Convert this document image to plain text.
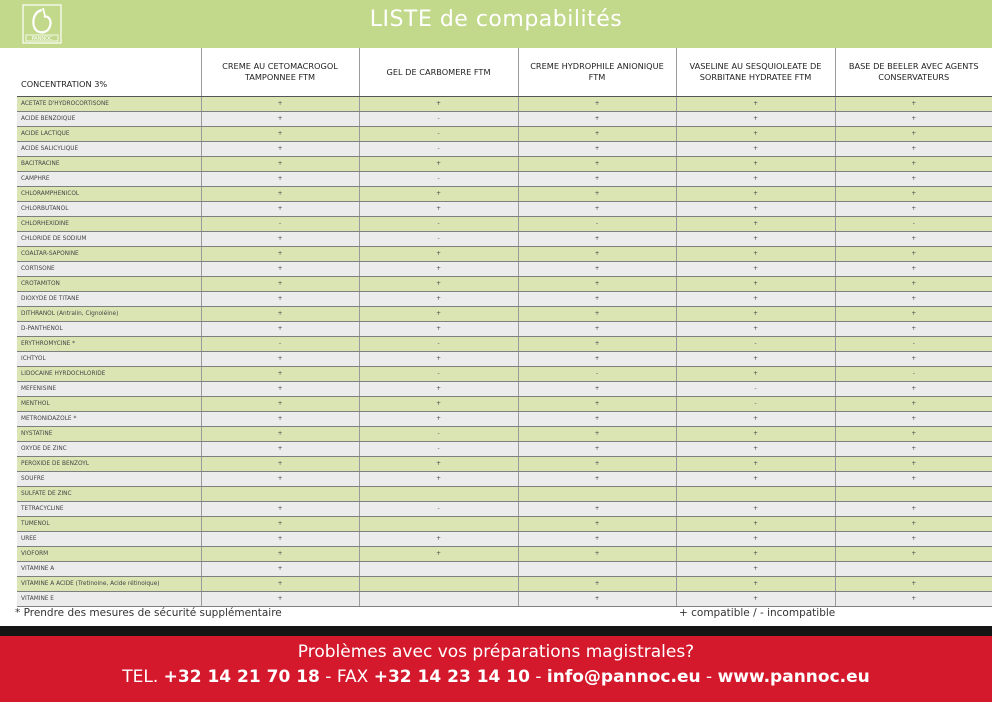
PANNOC
LISTE de compabilités
CONCENTRATION 3%	CREME AU CETOMACROGOL TAMPONNEE FTM	GEL DE CARBOMERE FTM	CREME HYDROPHILE ANIONIQUE FTM	VASELINE AU SESQUIOLEATE DE SORBITANE HYDRATEE FTM	BASE DE BEELER AVEC AGENTS CONSERVATEURS
ACETATE D'HYDROCORTISONE	+	+	+	+	+
ACIDE BENZOIQUE	+	-	+	+	+
ACIDE LACTIQUE	+	-	+	+	+
ACIDE SALICYLIQUE	+	-	+	+	+
BACITRACINE	+	+	+	+	+
CAMPHRE	+	-	+	+	+
CHLORAMPHENICOL	+	+	+	+	+
CHLORBUTANOL	+	+	+	+	+
CHLORHEXIDINE	-	-	-	+	-
CHLORIDE DE SODIUM	+	-	+	+	+
COALTAR-SAPONINE	+	+	+	+	+
CORTISONE	+	+	+	+	+
CROTAMITON	+	+	+	+	+
DIOXYDE DE TITANE	+	+	+	+	+
DITHRANOL (Antralin, Cignoléine)	+	+	+	+	+
D-PANTHENOL	+	+	+	+	+
ERYTHROMYCINE *	-	-	+	-	-
ICHTYOL	+	+	+	+	+
LIDOCAINE HYRDOCHLORIDE	+	-	-	+	-
MEFENISINE	+	+	+	-	+
MENTHOL	+	+	+	-	+
METRONIDAZOLE *	+	+	+	+	+
NYSTATINE	+	-	+	+	+
OXYDE DE ZINC	+	-	+	+	+
PEROXIDE DE BENZOYL	+	+	+	+	+
SOUFRE	+	+	+	+	+
SULFATE DE ZINC					
TETRACYCLINE	+	-	+	+	+
TUMENOL	+		+	+	+
UREE	+	+	+	+	+
VIOFORM	+	+	+	+	+
VITAMINE A	+			+	
VITAMINE A ACIDE (Tretinoine, Acide rétinoique)	+		+	+	+
VITAMINE E	+		+	+	+
* Prendre des mesures de sécurité supplémentaire	+ compatible / - incompatible
Problèmes avec vos préparations magistrales?
TEL. +32 14 21 70 18 - FAX +32 14 23 14 10 - info@pannoc.eu - www.pannoc.eu
